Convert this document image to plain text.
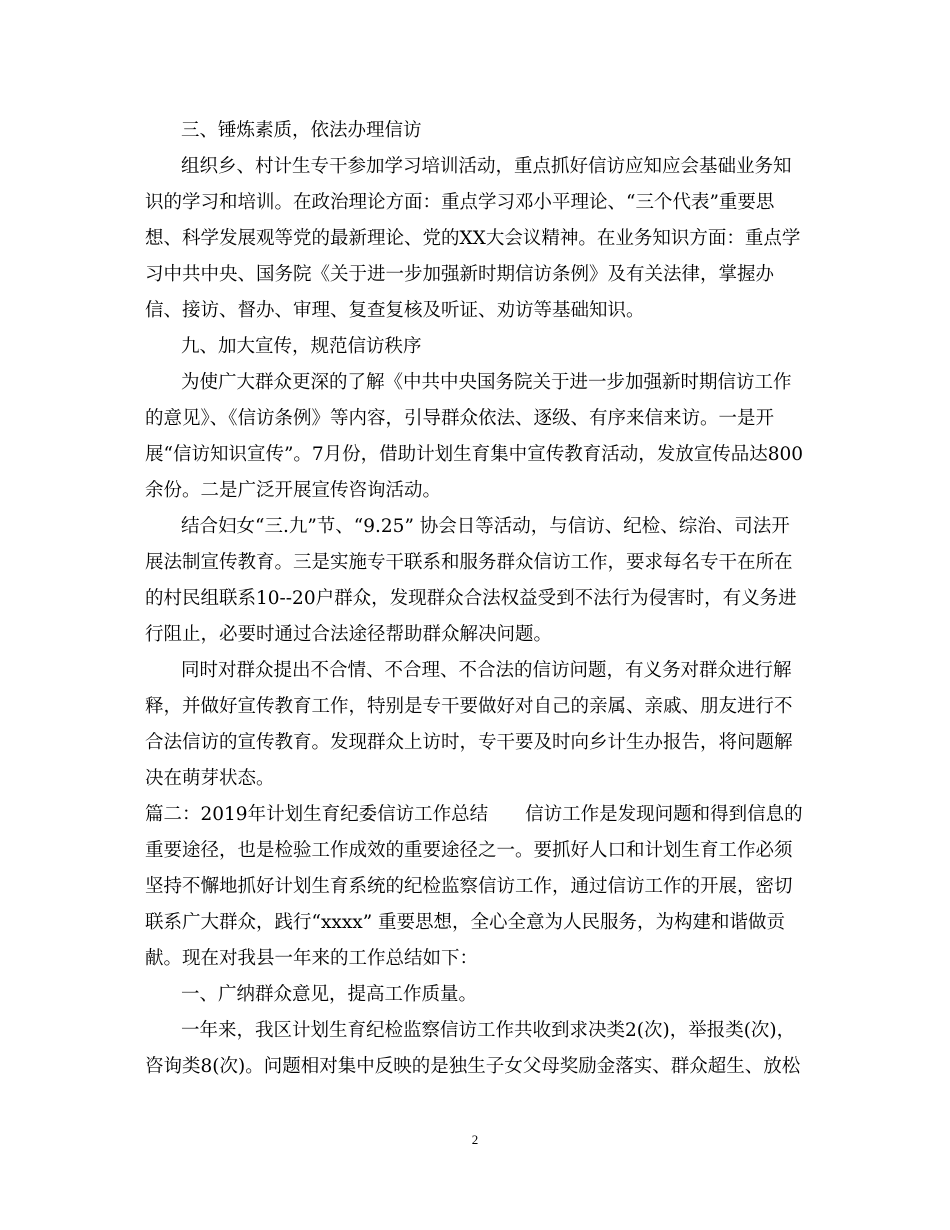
三、锤炼素质，依法办理信访
组织乡、村计生专干参加学习培训活动，重点抓好信访应知应会基础业务知
识的学习和培训。在政治理论方面：重点学习邓小平理论、“三个代表”重要思
想、科学发展观等党的最新理论、党的XX大会议精神。在业务知识方面：重点学
习中共中央、国务院《关于进一步加强新时期信访条例》及有关法律，掌握办
信、接访、督办、审理、复查复核及听证、劝访等基础知识。
九、加大宣传，规范信访秩序
为使广大群众更深的了解《中共中央国务院关于进一步加强新时期信访工作
的意见》、《信访条例》等内容，引导群众依法、逐级、有序来信来访。一是开
展“信访知识宣传”。7月份，借助计划生育集中宣传教育活动，发放宣传品达800
余份。二是广泛开展宣传咨询活动。
结合妇女“三.九”节、“9.25” 协会日等活动，与信访、纪检、综治、司法开
展法制宣传教育。三是实施专干联系和服务群众信访工作，要求每名专干在所在
的村民组联系10--20户群众，发现群众合法权益受到不法行为侵害时，有义务进
行阻止，必要时通过合法途径帮助群众解决问题。
同时对群众提出不合情、不合理、不合法的信访问题，有义务对群众进行解
释，并做好宣传教育工作，特别是专干要做好对自己的亲属、亲戚、朋友进行不
合法信访的宣传教育。发现群众上访时，专干要及时向乡计生办报告，将问题解
决在萌芽状态。
篇二：2019年计划生育纪委信访工作总结　　信访工作是发现问题和得到信息的
重要途径，也是检验工作成效的重要途径之一。要抓好人口和计划生育工作必须
坚持不懈地抓好计划生育系统的纪检监察信访工作，通过信访工作的开展，密切
联系广大群众，践行“xxxx” 重要思想，全心全意为人民服务，为构建和谐做贡
献。现在对我县一年来的工作总结如下：
一、广纳群众意见，提高工作质量。
一年来，我区计划生育纪检监察信访工作共收到求决类2(次)，举报类(次)，
咨询类8(次)。问题相对集中反映的是独生子女父母奖励金落实、群众超生、放松
2
